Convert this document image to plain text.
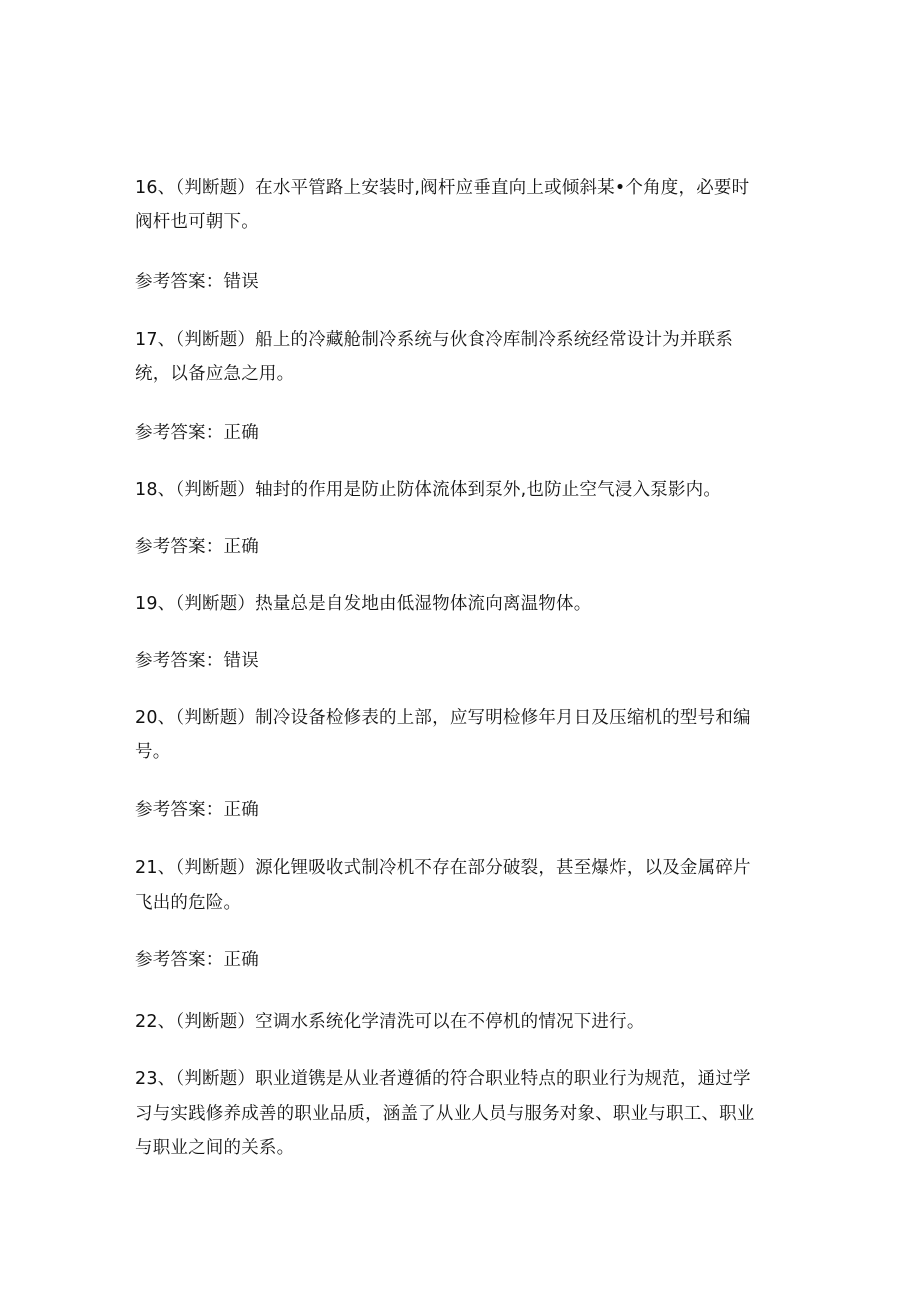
16、（判断题）在水平管路上安装时,阀杆应垂直向上或倾斜某•个角度，必要时
阀杆也可朝下。
参考答案：错误
17、（判断题）船上的冷藏舱制冷系统与伙食冷库制冷系统经常设计为并联系
统，以备应急之用。
参考答案：正确
18、（判断题）轴封的作用是防止防体流体到泵外,也防止空气浸入泵影内。
参考答案：正确
19、（判断题）热量总是自发地由低湿物体流向离温物体。
参考答案：错误
20、（判断题）制冷设备检修表的上部，应写明检修年月日及压缩机的型号和编
号。
参考答案：正确
21、（判断题）源化锂吸收式制冷机不存在部分破裂，甚至爆炸，以及金属碎片
飞出的危险。
参考答案：正确
22、（判断题）空调水系统化学清洗可以在不停机的情况下进行。
23、（判断题）职业道镌是从业者遵循的符合职业特点的职业行为规范，通过学
习与实践修养成善的职业品质，涵盖了从业人员与服务对象、职业与职工、职业
与职业之间的关系。
